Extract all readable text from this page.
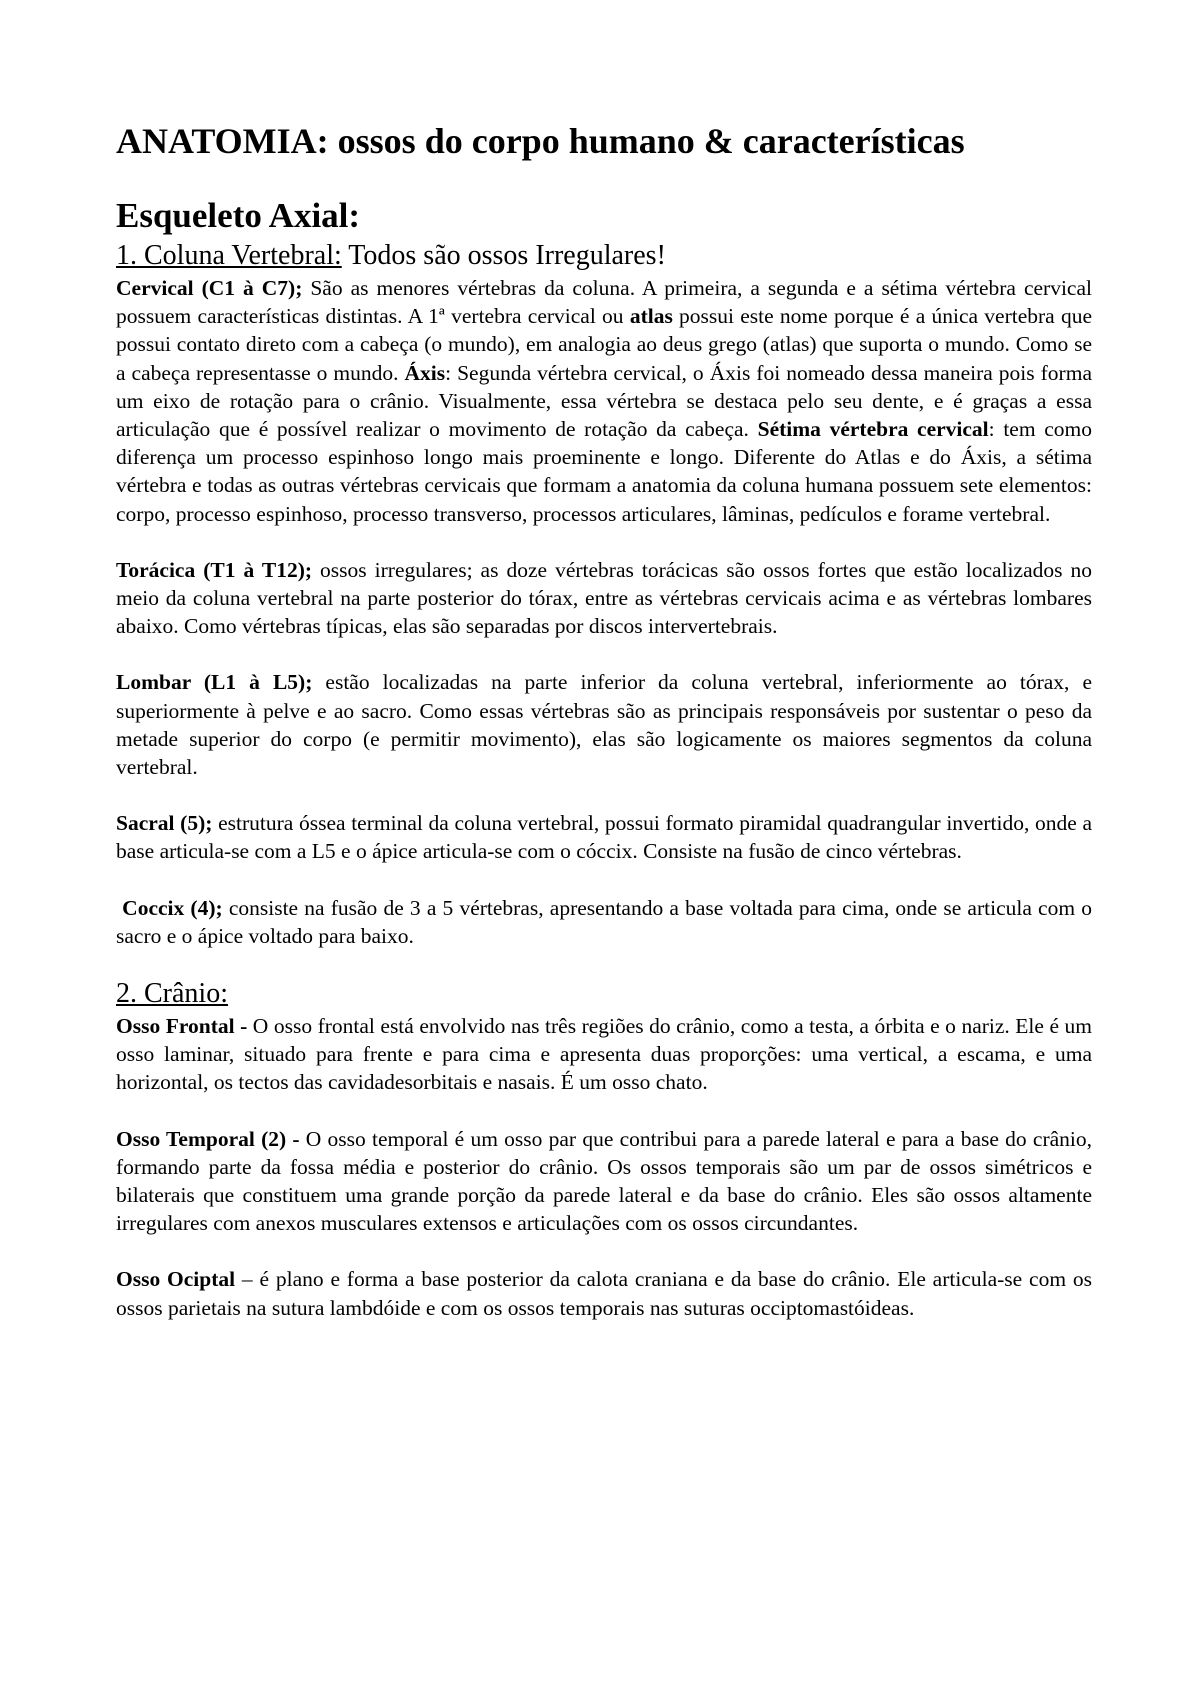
ANATOMIA: ossos do corpo humano & características
Esqueleto Axial:
1. Coluna Vertebral: Todos são ossos Irregulares!

Cervical (C1 à C7); São as menores vértebras da coluna. A primeira, a segunda e a sétima vértebra cervical possuem características distintas. A 1ª vertebra cervical ou atlas possui este nome porque é a única vertebra que possui contato direto com a cabeça (o mundo), em analogia ao deus grego (atlas) que suporta o mundo. Como se a cabeça representasse o mundo. Áxis: Segunda vértebra cervical, o Áxis foi nomeado dessa maneira pois forma um eixo de rotação para o crânio. Visualmente, essa vértebra se destaca pelo seu dente, e é graças a essa articulação que é possível realizar o movimento de rotação da cabeça. Sétima vértebra cervical: tem como diferença um processo espinhoso longo mais proeminente e longo. Diferente do Atlas e do Áxis, a sétima vértebra e todas as outras vértebras cervicais que formam a anatomia da coluna humana possuem sete elementos: corpo, processo espinhoso, processo transverso, processos articulares, lâminas, pedículos e forame vertebral.

Torácica (T1 à T12); ossos irregulares; as doze vértebras torácicas são ossos fortes que estão localizados no meio da coluna vertebral na parte posterior do tórax, entre as vértebras cervicais acima e as vértebras lombares abaixo. Como vértebras típicas, elas são separadas por discos intervertebrais.

Lombar (L1 à L5); estão localizadas na parte inferior da coluna vertebral, inferiormente ao tórax, e superiormente à pelve e ao sacro. Como essas vértebras são as principais responsáveis por sustentar o peso da metade superior do corpo (e permitir movimento), elas são logicamente os maiores segmentos da coluna vertebral.

Sacral (5); estrutura óssea terminal da coluna vertebral, possui formato piramidal quadrangular invertido, onde a base articula-se com a L5 e o ápice articula-se com o cóccix. Consiste na fusão de cinco vértebras.

Coccix (4); consiste na fusão de 3 a 5 vértebras, apresentando a base voltada para cima, onde se articula com o sacro e o ápice voltado para baixo.

2. Crânio:

Osso Frontal - O osso frontal está envolvido nas três regiões do crânio, como a testa, a órbita e o nariz. Ele é um osso laminar, situado para frente e para cima e apresenta duas proporções: uma vertical, a escama, e uma horizontal, os tectos das cavidadesorbitais e nasais. É um osso chato.

Osso Temporal (2) - O osso temporal é um osso par que contribui para a parede lateral e para a base do crânio, formando parte da fossa média e posterior do crânio. Os ossos temporais são um par de ossos simétricos e bilaterais que constituem uma grande porção da parede lateral e da base do crânio. Eles são ossos altamente irregulares com anexos musculares extensos e articulações com os ossos circundantes.

Osso Ociptal – é plano e forma a base posterior da calota craniana e da base do crânio. Ele articula-se com os ossos parietais na sutura lambdóide e com os ossos temporais nas suturas occiptomastóideas.
